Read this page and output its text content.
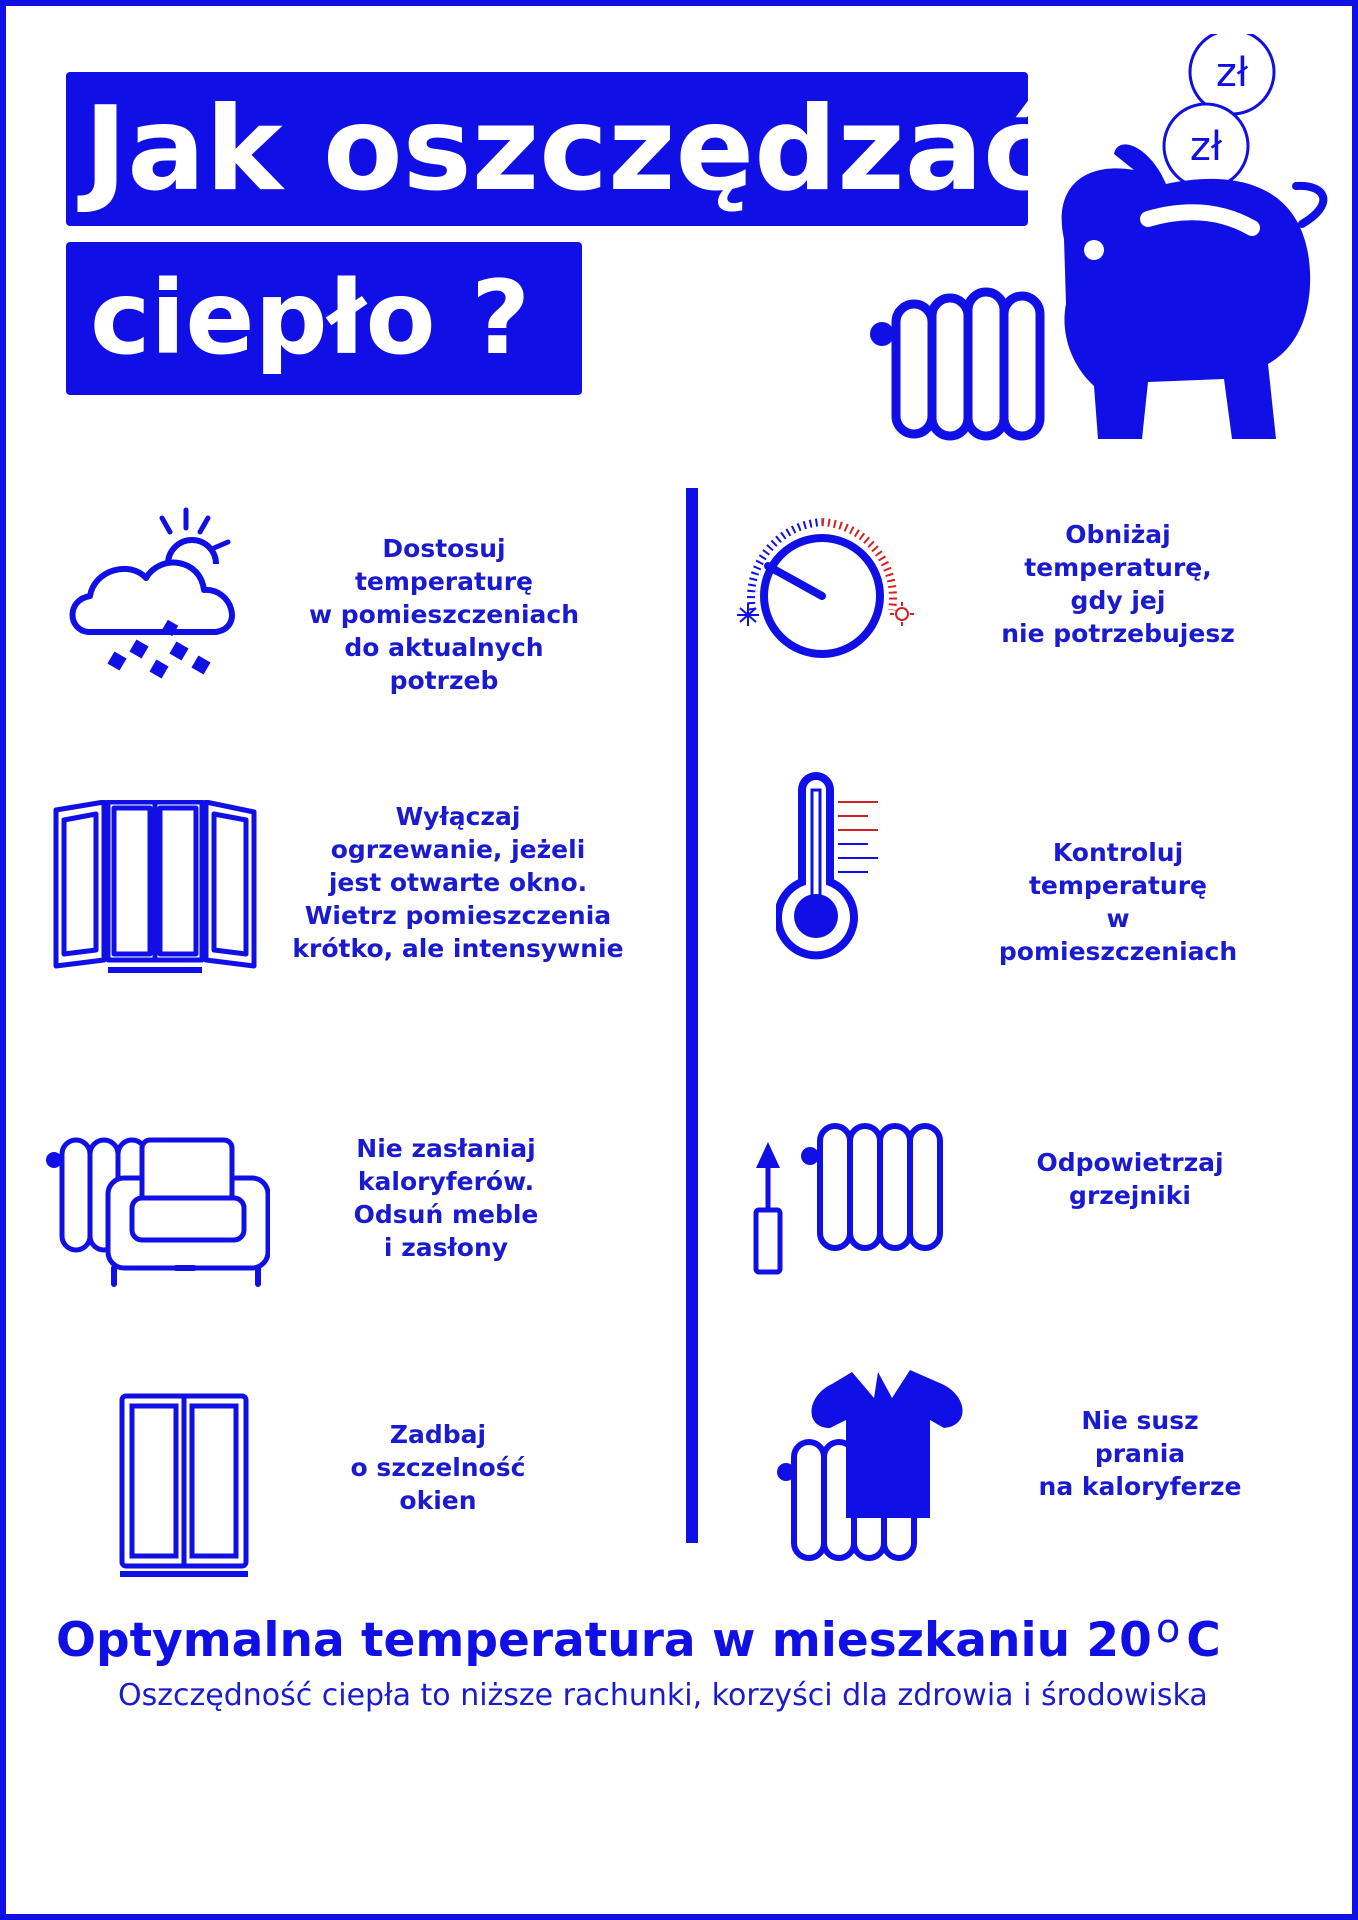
Jak oszczędzać
ciepło ?
zł
zł
Dostosuj
temperaturę
w pomieszczeniach
do aktualnych
potrzeb
Wyłączaj
ogrzewanie, jeżeli
jest otwarte okno.
Wietrz pomieszczenia
krótko, ale intensywnie
Nie zasłaniaj
kaloryferów.
Odsuń meble
i zasłony
Zadbaj
o szczelność
okien
Obniżaj
temperaturę,
gdy jej
nie potrzebujesz
Kontroluj
temperaturę
w pomieszczeniach
Odpowietrzaj
grzejniki
Nie susz
prania
na kaloryferze
Optymalna temperatura w mieszkaniu 20 $^o$ C
Oszczędność ciepła to niższe rachunki, korzyści dla zdrowia i środowiska
